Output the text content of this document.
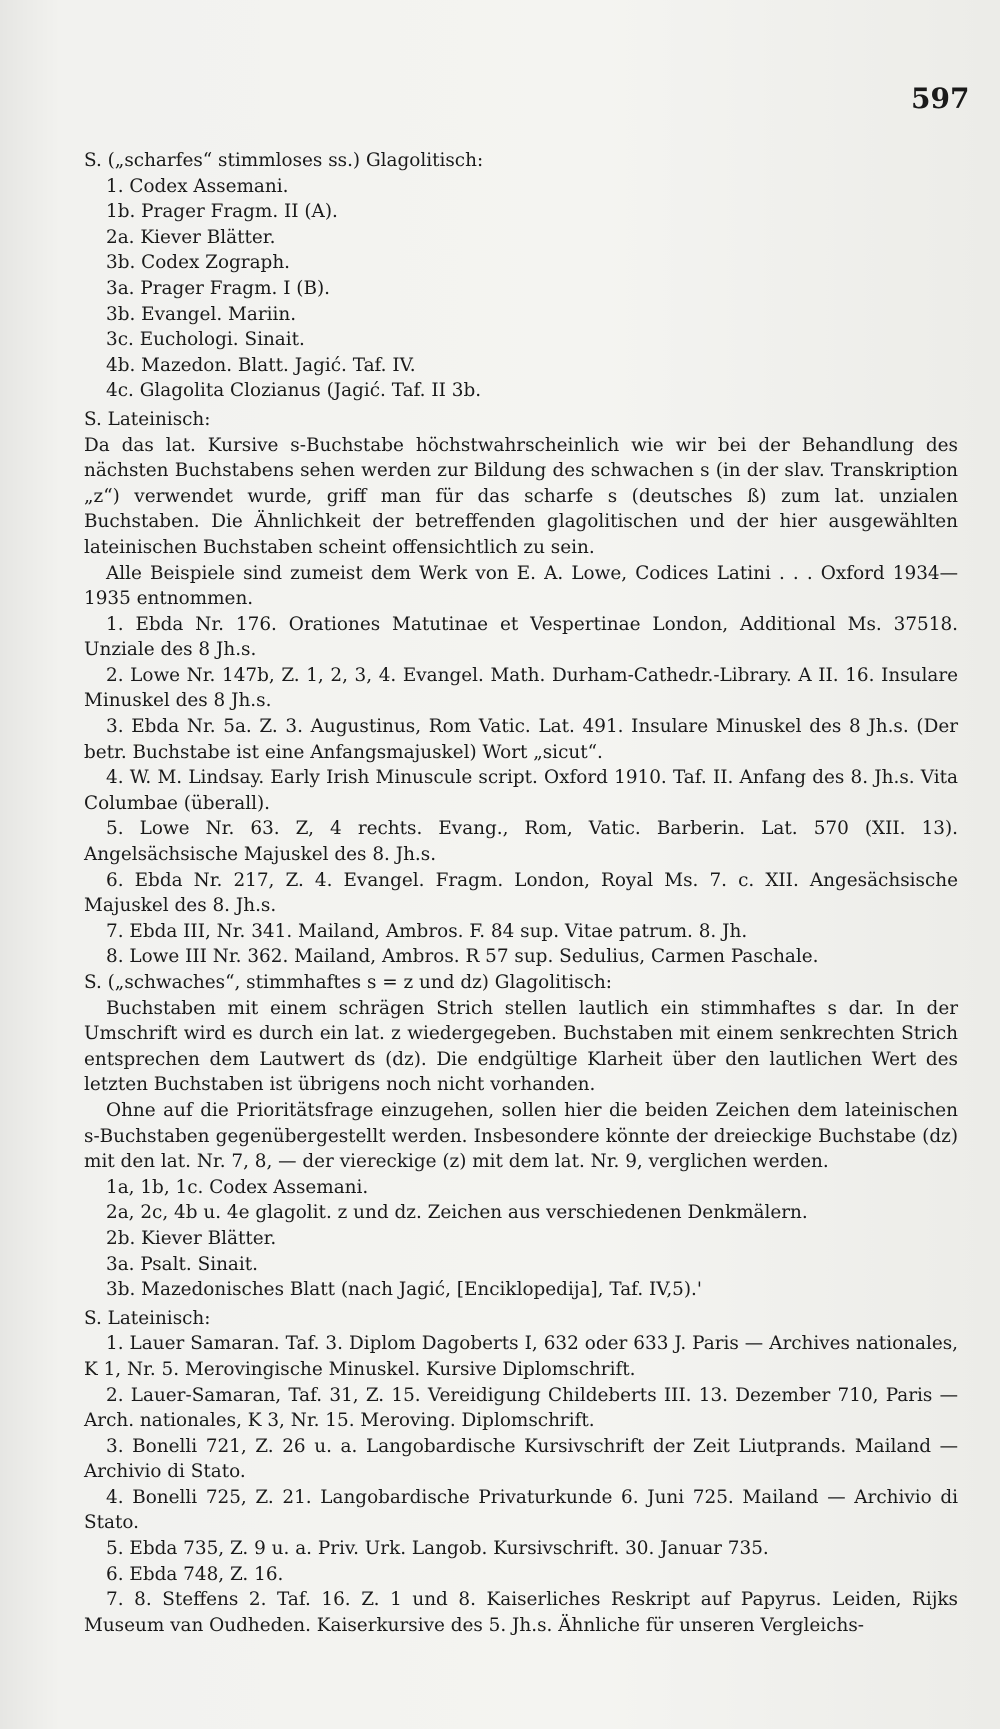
597

S. („scharfes“ stimmloses ss.) Glagolitisch:

1. Codex Assemani.

1b. Prager Fragm. II (A).

2a. Kiever Blätter.

3b. Codex Zograph.

3a. Prager Fragm. I (B).

3b. Evangel. Mariin.

3c. Euchologi. Sinait.

4b. Mazedon. Blatt. Jagić. Taf. IV.

4c. Glagolita Clozianus (Jagić. Taf. II 3b.

S. Lateinisch:

Da das lat. Kursive s-Buchstabe höchstwahrscheinlich wie wir bei der Behandlung des nächsten Buchstabens sehen werden zur Bildung des schwachen s (in der slav. Transkription „z“) verwendet wurde, griff man für das scharfe s (deutsches ß) zum lat. unzialen Buchstaben. Die Ähnlichkeit der betreffenden glagolitischen und der hier ausgewählten lateinischen Buchstaben scheint offensichtlich zu sein.

Alle Beispiele sind zumeist dem Werk von E. A. Lowe, Codices Latini . . . Oxford 1934—1935 entnommen.

1. Ebda Nr. 176. Orationes Matutinae et Vespertinae London, Additional Ms. 37518. Unziale des 8 Jh.s.

2. Lowe Nr. 147b, Z. 1, 2, 3, 4. Evangel. Math. Durham-Cathedr.-Library. A II. 16. Insulare Minuskel des 8 Jh.s.

3. Ebda Nr. 5a. Z. 3. Augustinus, Rom Vatic. Lat. 491. Insulare Minuskel des 8 Jh.s. (Der betr. Buchstabe ist eine Anfangsmajuskel) Wort „sicut“.

4. W. M. Lindsay. Early Irish Minuscule script. Oxford 1910. Taf. II. Anfang des 8. Jh.s. Vita Columbae (überall).

5. Lowe Nr. 63. Z, 4 rechts. Evang., Rom, Vatic. Barberin. Lat. 570 (XII. 13). Angelsächsische Majuskel des 8. Jh.s.

6. Ebda Nr. 217, Z. 4. Evangel. Fragm. London, Royal Ms. 7. c. XII. Angesächsische Majuskel des 8. Jh.s.

7. Ebda III, Nr. 341. Mailand, Ambros. F. 84 sup. Vitae patrum. 8. Jh.

8. Lowe III Nr. 362. Mailand, Ambros. R 57 sup. Sedulius, Carmen Paschale.

S. („schwaches“, stimmhaftes s = z und dz) Glagolitisch:

Buchstaben mit einem schrägen Strich stellen lautlich ein stimmhaftes s dar. In der Umschrift wird es durch ein lat. z wiedergegeben. Buchstaben mit einem senkrechten Strich entsprechen dem Lautwert ds (dz). Die endgültige Klarheit über den lautlichen Wert des letzten Buchstaben ist übrigens noch nicht vorhanden.

Ohne auf die Prioritätsfrage einzugehen, sollen hier die beiden Zeichen dem lateinischen s-Buchstaben gegenübergestellt werden. Insbesondere könnte der dreieckige Buchstabe (dz) mit den lat. Nr. 7, 8, — der viereckige (z) mit dem lat. Nr. 9, verglichen werden.

1a, 1b, 1c. Codex Assemani.

2a, 2c, 4b u. 4e glagolit. z und dz. Zeichen aus verschiedenen Denkmälern.

2b. Kiever Blätter.

3a. Psalt. Sinait.

3b. Mazedonisches Blatt (nach Jagić, [Enciklopedija], Taf. IV,5).'

S. Lateinisch:

1. Lauer Samaran. Taf. 3. Diplom Dagoberts I, 632 oder 633 J. Paris — Archives nationales, K 1, Nr. 5. Merovingische Minuskel. Kursive Diplomschrift.

2. Lauer-Samaran, Taf. 31, Z. 15. Vereidigung Childeberts III. 13. Dezember 710, Paris — Arch. nationales, K 3, Nr. 15. Meroving. Diplomschrift.

3. Bonelli 721, Z. 26 u. a. Langobardische Kursivschrift der Zeit Liutprands. Mailand — Archivio di Stato.

4. Bonelli 725, Z. 21. Langobardische Privaturkunde 6. Juni 725. Mailand — Archivio di Stato.

5. Ebda 735, Z. 9 u. a. Priv. Urk. Langob. Kursivschrift. 30. Januar 735.

6. Ebda 748, Z. 16.

7. 8. Steffens 2. Taf. 16. Z. 1 und 8. Kaiserliches Reskript auf Papyrus. Leiden, Rijks Museum van Oudheden. Kaiserkursive des 5. Jh.s. Ähnliche für unseren Vergleichs-
